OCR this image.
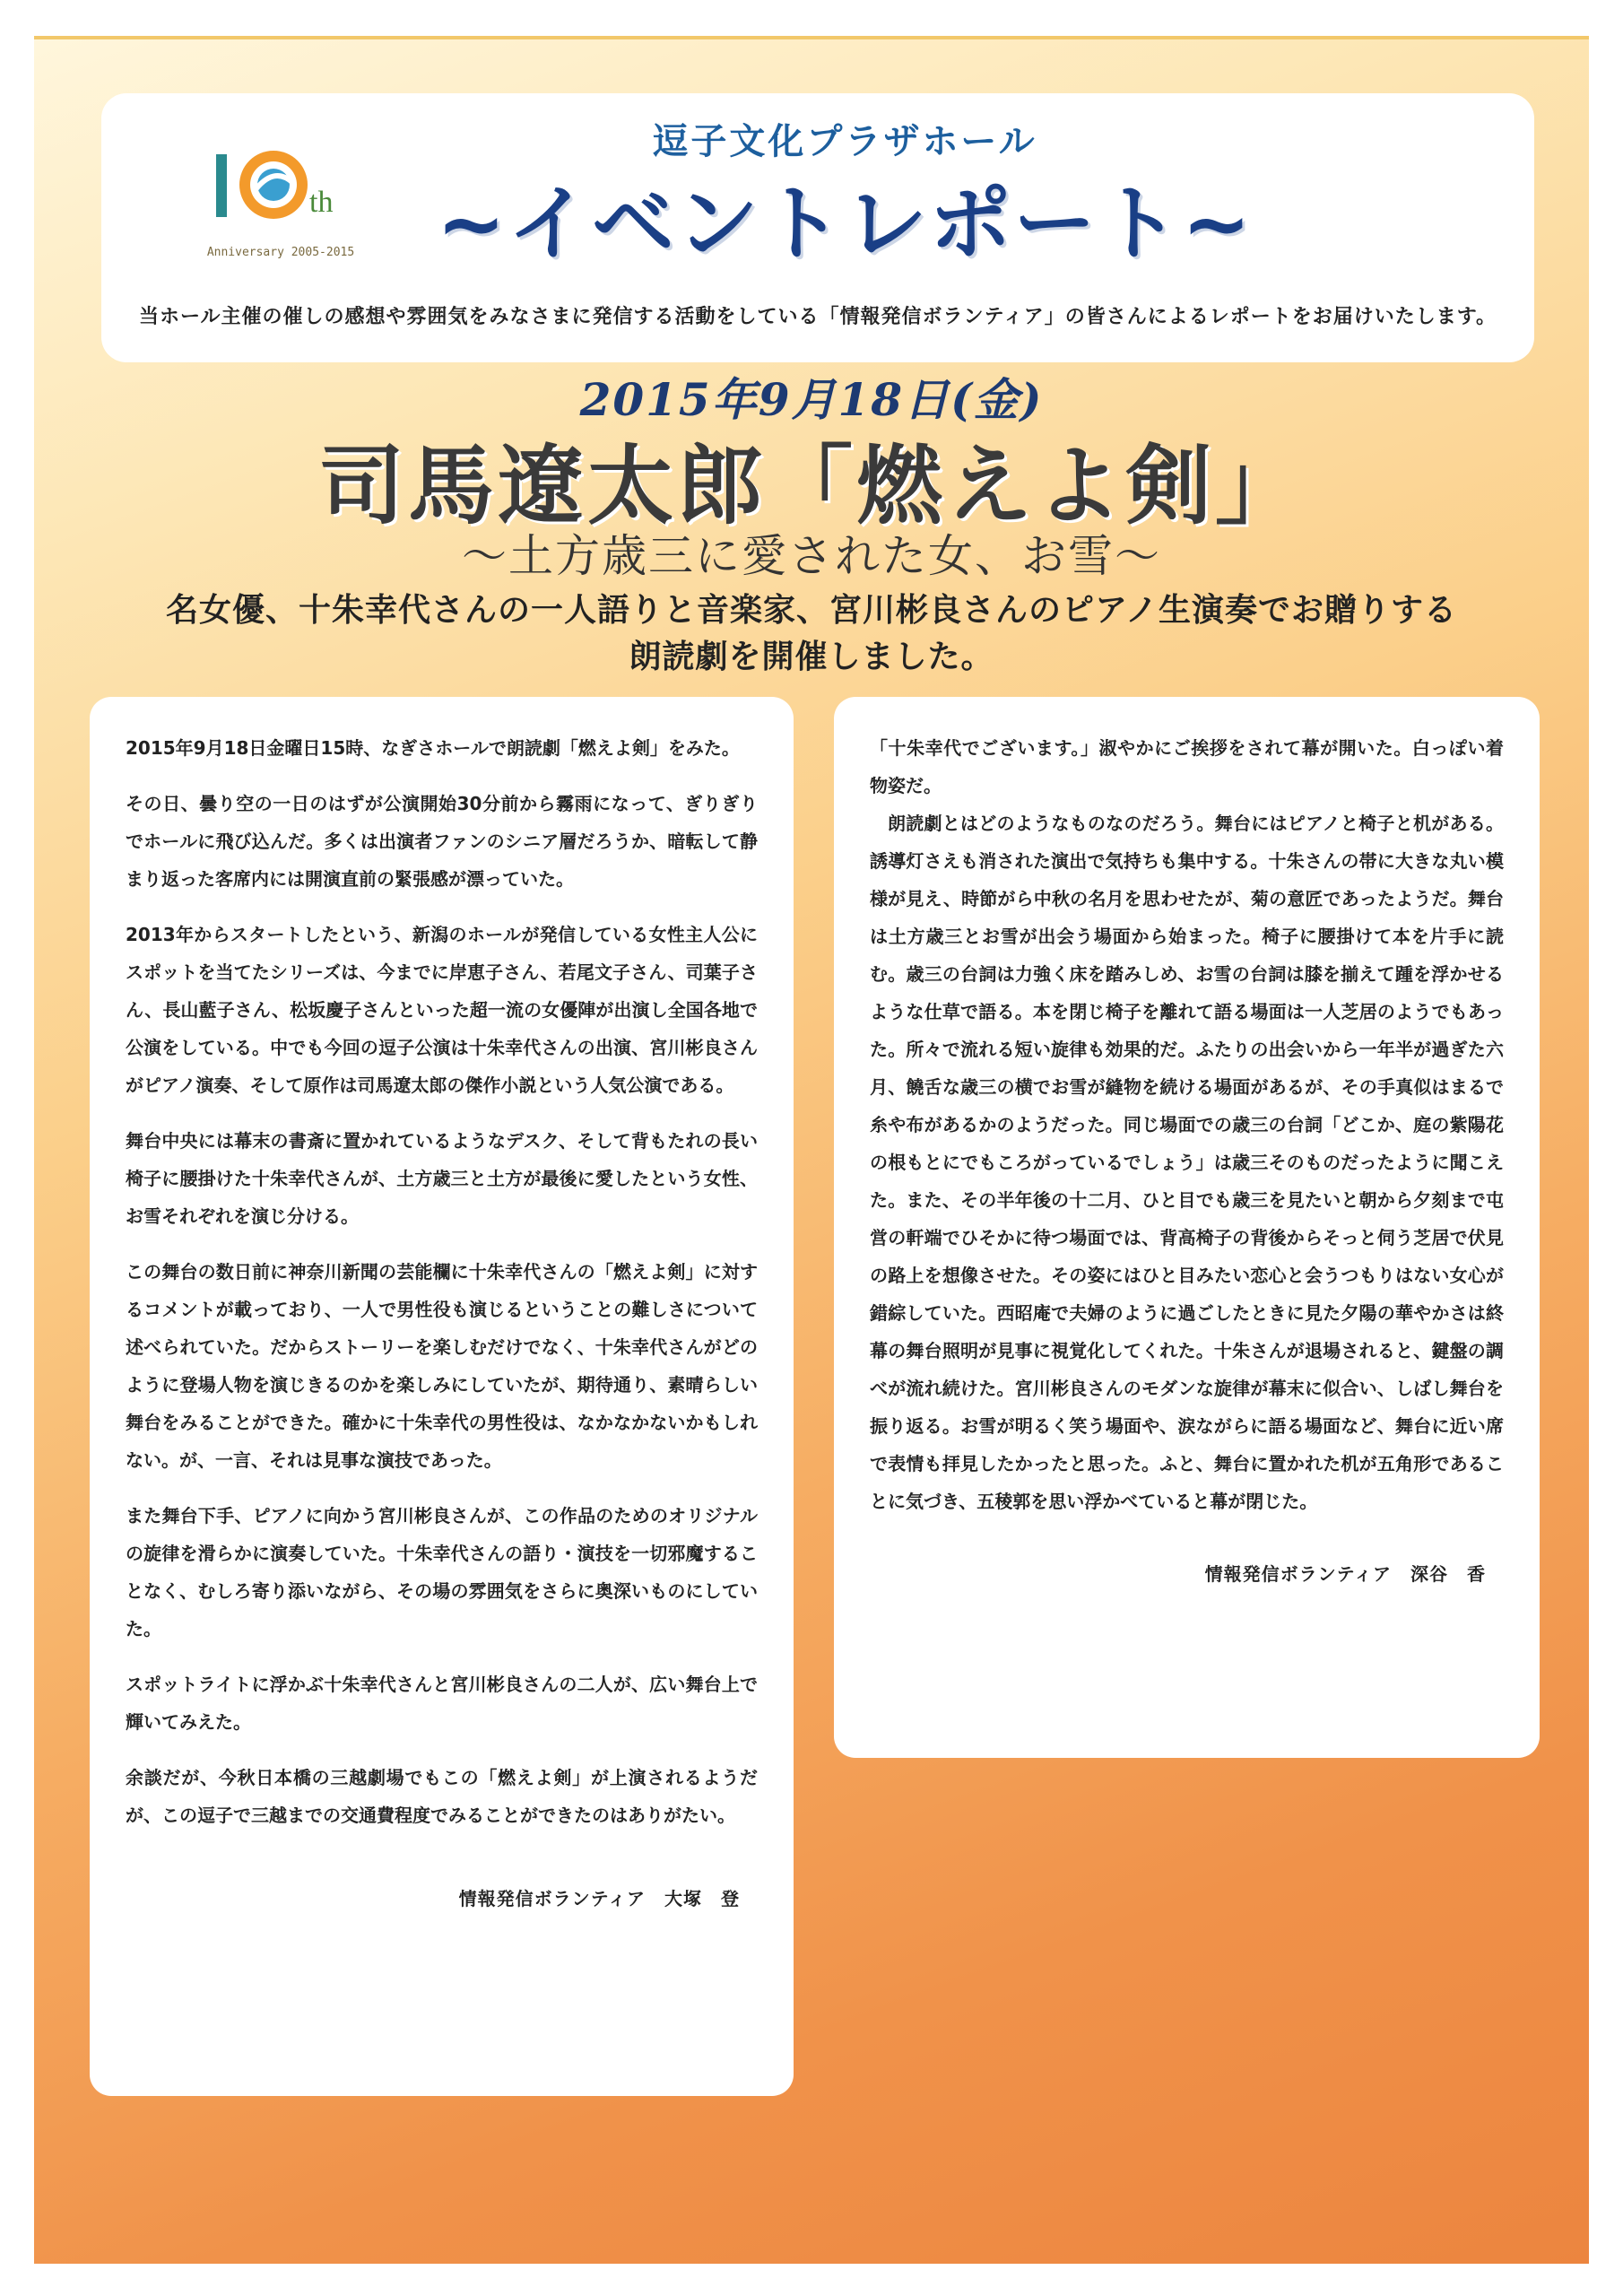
th
Anniversary 2005-2015
逗子文化プラザホール
~イベントレポート~
当ホール主催の催しの感想や雰囲気をみなさまに発信する活動をしている「情報発信ボランティア」の皆さんによるレポートをお届けいたします。
2015年9月18日(金)
司馬遼太郎「燃えよ剣」
～土方歳三に愛された女、お雪～
名女優、十朱幸代さんの一人語りと音楽家、宮川彬良さんのピアノ生演奏でお贈りする
朗読劇を開催しました。

2015年9月18日金曜日15時、なぎさホールで朗読劇「燃えよ剣」をみた。

その日、曇り空の一日のはずが公演開始30分前から霧雨になって、ぎりぎりでホールに飛び込んだ。多くは出演者ファンのシニア層だろうか、暗転して静まり返った客席内には開演直前の緊張感が漂っていた。

2013年からスタートしたという、新潟のホールが発信している女性主人公にスポットを当てたシリーズは、今までに岸恵子さん、若尾文子さん、司葉子さん、長山藍子さん、松坂慶子さんといった超一流の女優陣が出演し全国各地で公演をしている。中でも今回の逗子公演は十朱幸代さんの出演、宮川彬良さんがピアノ演奏、そして原作は司馬遼太郎の傑作小説という人気公演である。

舞台中央には幕末の書斎に置かれているようなデスク、そして背もたれの長い椅子に腰掛けた十朱幸代さんが、土方歳三と土方が最後に愛したという女性、お雪それぞれを演じ分ける。

この舞台の数日前に神奈川新聞の芸能欄に十朱幸代さんの「燃えよ剣」に対するコメントが載っており、一人で男性役も演じるということの難しさについて述べられていた。だからストーリーを楽しむだけでなく、十朱幸代さんがどのように登場人物を演じきるのかを楽しみにしていたが、期待通り、素晴らしい舞台をみることができた。確かに十朱幸代の男性役は、なかなかないかもしれない。が、一言、それは見事な演技であった。

また舞台下手、ピアノに向かう宮川彬良さんが、この作品のためのオリジナルの旋律を滑らかに演奏していた。十朱幸代さんの語り・演技を一切邪魔することなく、むしろ寄り添いながら、その場の雰囲気をさらに奥深いものにしていた。

スポットライトに浮かぶ十朱幸代さんと宮川彬良さんの二人が、広い舞台上で輝いてみえた。

余談だが、今秋日本橋の三越劇場でもこの「燃えよ剣」が上演されるようだが、この逗子で三越までの交通費程度でみることができたのはありがたい。

情報発信ボランティア　大塚　登

「十朱幸代でございます。」淑やかにご挨拶をされて幕が開いた。白っぽい着物姿だ。

朗読劇とはどのようなものなのだろう。舞台にはピアノと椅子と机がある。誘導灯さえも消された演出で気持ちも集中する。十朱さんの帯に大きな丸い模様が見え、時節がら中秋の名月を思わせたが、菊の意匠であったようだ。舞台は土方歳三とお雪が出会う場面から始まった。椅子に腰掛けて本を片手に読む。歳三の台詞は力強く床を踏みしめ、お雪の台詞は膝を揃えて踵を浮かせるような仕草で語る。本を閉じ椅子を離れて語る場面は一人芝居のようでもあった。所々で流れる短い旋律も効果的だ。ふたりの出会いから一年半が過ぎた六月、饒舌な歳三の横でお雪が縫物を続ける場面があるが、その手真似はまるで糸や布があるかのようだった。同じ場面での歳三の台詞「どこか、庭の紫陽花の根もとにでもころがっているでしょう」は歳三そのものだったように聞こえた。また、その半年後の十二月、ひと目でも歳三を見たいと朝から夕刻まで屯営の軒端でひそかに待つ場面では、背高椅子の背後からそっと伺う芝居で伏見の路上を想像させた。その姿にはひと目みたい恋心と会うつもりはない女心が錯綜していた。西昭庵で夫婦のように過ごしたときに見た夕陽の華やかさは終幕の舞台照明が見事に視覚化してくれた。十朱さんが退場されると、鍵盤の調べが流れ続けた。宮川彬良さんのモダンな旋律が幕末に似合い、しばし舞台を振り返る。お雪が明るく笑う場面や、涙ながらに語る場面など、舞台に近い席で表情も拝見したかったと思った。ふと、舞台に置かれた机が五角形であることに気づき、五稜郭を思い浮かべていると幕が閉じた。

情報発信ボランティア　深谷　香
